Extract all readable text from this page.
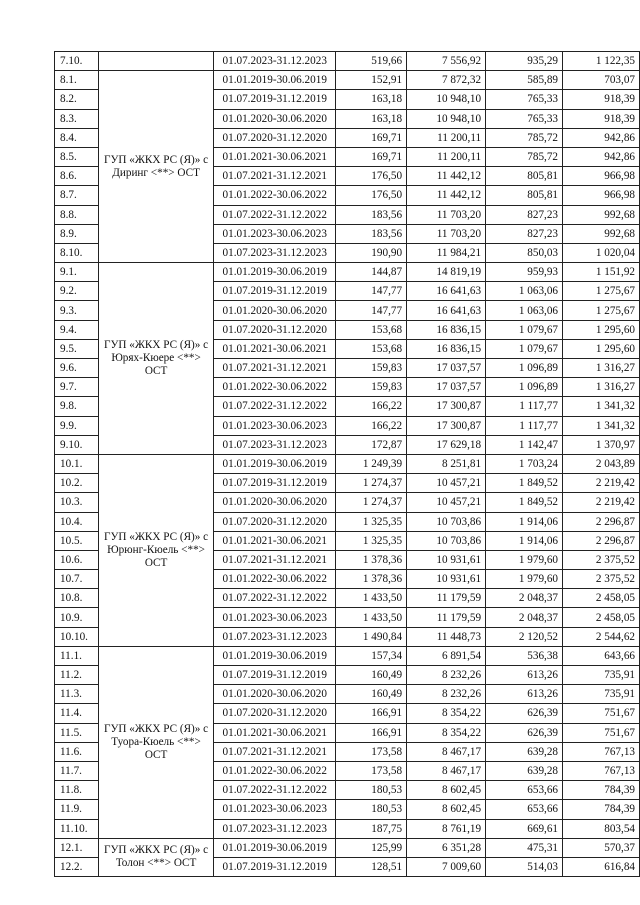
7.10.		01.07.2023-31.12.2023	519,66	7 556,92	935,29	1 122,35
8.1.	ГУП «ЖКХ РС (Я)» с Диринг <**> ОСТ	01.01.2019-30.06.2019	152,91	7 872,32	585,89	703,07
8.2.		01.07.2019-31.12.2019	163,18	10 948,10	765,33	918,39
8.3.		01.01.2020-30.06.2020	163,18	10 948,10	765,33	918,39
8.4.		01.07.2020-31.12.2020	169,71	11 200,11	785,72	942,86
8.5.		01.01.2021-30.06.2021	169,71	11 200,11	785,72	942,86
8.6.		01.07.2021-31.12.2021	176,50	11 442,12	805,81	966,98
8.7.		01.01.2022-30.06.2022	176,50	11 442,12	805,81	966,98
8.8.		01.07.2022-31.12.2022	183,56	11 703,20	827,23	992,68
8.9.		01.01.2023-30.06.2023	183,56	11 703,20	827,23	992,68
8.10.		01.07.2023-31.12.2023	190,90	11 984,21	850,03	1 020,04
9.1.	ГУП «ЖКХ РС (Я)» с Юрях-Кюере <**> ОСТ	01.01.2019-30.06.2019	144,87	14 819,19	959,93	1 151,92
9.2.		01.07.2019-31.12.2019	147,77	16 641,63	1 063,06	1 275,67
9.3.		01.01.2020-30.06.2020	147,77	16 641,63	1 063,06	1 275,67
9.4.		01.07.2020-31.12.2020	153,68	16 836,15	1 079,67	1 295,60
9.5.		01.01.2021-30.06.2021	153,68	16 836,15	1 079,67	1 295,60
9.6.		01.07.2021-31.12.2021	159,83	17 037,57	1 096,89	1 316,27
9.7.		01.01.2022-30.06.2022	159,83	17 037,57	1 096,89	1 316,27
9.8.		01.07.2022-31.12.2022	166,22	17 300,87	1 117,77	1 341,32
9.9.		01.01.2023-30.06.2023	166,22	17 300,87	1 117,77	1 341,32
9.10.		01.07.2023-31.12.2023	172,87	17 629,18	1 142,47	1 370,97
10.1.	ГУП «ЖКХ РС (Я)» с Юрюнг-Кюель <**> ОСТ	01.01.2019-30.06.2019	1 249,39	8 251,81	1 703,24	2 043,89
10.2.		01.07.2019-31.12.2019	1 274,37	10 457,21	1 849,52	2 219,42
10.3.		01.01.2020-30.06.2020	1 274,37	10 457,21	1 849,52	2 219,42
10.4.		01.07.2020-31.12.2020	1 325,35	10 703,86	1 914,06	2 296,87
10.5.		01.01.2021-30.06.2021	1 325,35	10 703,86	1 914,06	2 296,87
10.6.		01.07.2021-31.12.2021	1 378,36	10 931,61	1 979,60	2 375,52
10.7.		01.01.2022-30.06.2022	1 378,36	10 931,61	1 979,60	2 375,52
10.8.		01.07.2022-31.12.2022	1 433,50	11 179,59	2 048,37	2 458,05
10.9.		01.01.2023-30.06.2023	1 433,50	11 179,59	2 048,37	2 458,05
10.10.		01.07.2023-31.12.2023	1 490,84	11 448,73	2 120,52	2 544,62
11.1.	ГУП «ЖКХ РС (Я)» с Туора-Кюель <**> ОСТ	01.01.2019-30.06.2019	157,34	6 891,54	536,38	643,66
11.2.		01.07.2019-31.12.2019	160,49	8 232,26	613,26	735,91
11.3.		01.01.2020-30.06.2020	160,49	8 232,26	613,26	735,91
11.4.		01.07.2020-31.12.2020	166,91	8 354,22	626,39	751,67
11.5.		01.01.2021-30.06.2021	166,91	8 354,22	626,39	751,67
11.6.		01.07.2021-31.12.2021	173,58	8 467,17	639,28	767,13
11.7.		01.01.2022-30.06.2022	173,58	8 467,17	639,28	767,13
11.8.		01.07.2022-31.12.2022	180,53	8 602,45	653,66	784,39
11.9.		01.01.2023-30.06.2023	180,53	8 602,45	653,66	784,39
11.10.		01.07.2023-31.12.2023	187,75	8 761,19	669,61	803,54
12.1.	ГУП «ЖКХ РС (Я)» с Толон <**> ОСТ	01.01.2019-30.06.2019	125,99	6 351,28	475,31	570,37
12.2.		01.07.2019-31.12.2019	128,51	7 009,60	514,03	616,84
